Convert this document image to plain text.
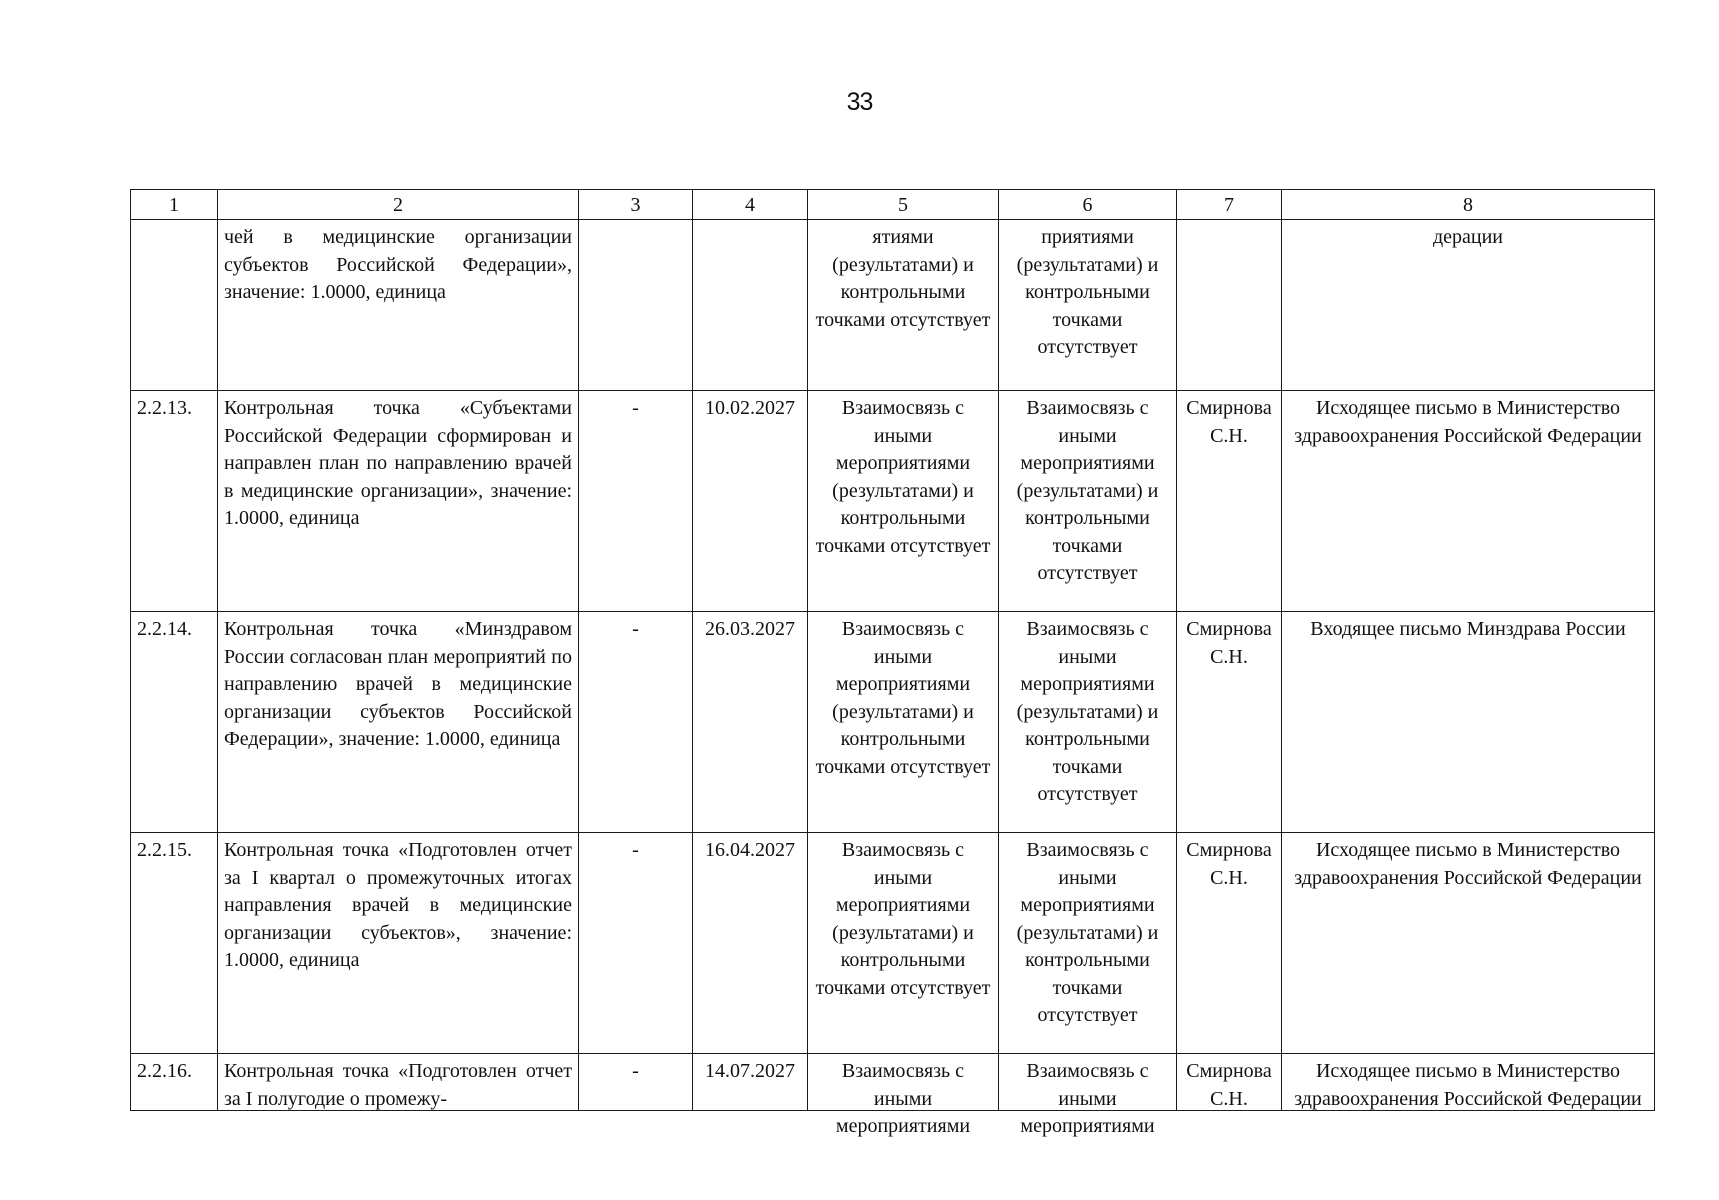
33
1	2	3	4	5	6	7	8
	чей в медицинские организации субъектов Российской Федерации», значение: 1.0000, единица			ятиями (результатами) и контрольными точками отсутствует	приятиями (результатами) и контрольными точками отсутствует		дерации
2.2.13.	Контрольная точка «Субъектами Российской Федерации сформирован и направлен план по направлению врачей в медицинские организации», значение: 1.0000, единица	-	10.02.2027	Взаимосвязь с иными мероприятиями (результатами) и контрольными точками отсутствует	Взаимосвязь с иными мероприятиями (результатами) и контрольными точками отсутствует	Смирнова С.Н.	Исходящее письмо в Министерство здравоохранения Российской Федерации
2.2.14.	Контрольная точка «Минздравом России согласован план мероприятий по направлению врачей в медицинские организации субъектов Российской Федерации», значение: 1.0000, единица	-	26.03.2027	Взаимосвязь с иными мероприятиями (результатами) и контрольными точками отсутствует	Взаимосвязь с иными мероприятиями (результатами) и контрольными точками отсутствует	Смирнова С.Н.	Входящее письмо Минздрава России
2.2.15.	Контрольная точка «Подготовлен отчет за I квартал о промежуточных итогах направления врачей в медицинские организации субъектов», значение: 1.0000, единица	-	16.04.2027	Взаимосвязь с иными мероприятиями (результатами) и контрольными точками отсутствует	Взаимосвязь с иными мероприятиями (результатами) и контрольными точками отсутствует	Смирнова С.Н.	Исходящее письмо в Министерство здравоохранения Российской Федерации

2.2.16.	Контрольная точка «Подготовлен отчет за I полугодие о промежу-	-	14.07.2027	Взаимосвязь с иными мероприятиями	Взаимосвязь с иными мероприятиями	Смирнова С.Н.	Исходящее письмо в Министерство здравоохранения Российской Федерации
